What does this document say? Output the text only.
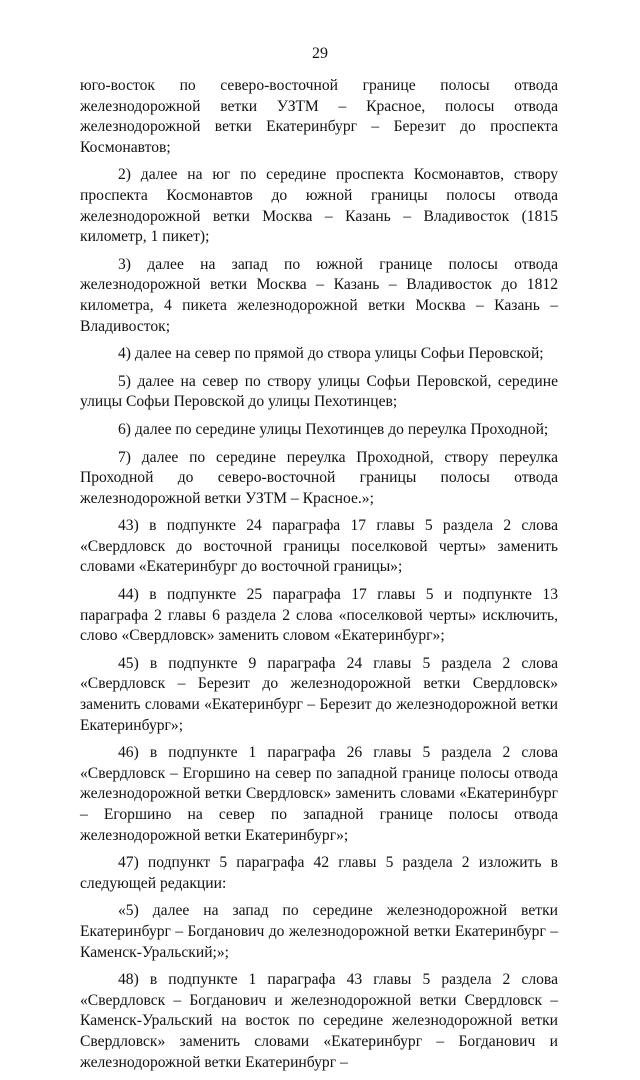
29

юго-восток по северо-восточной границе полосы отвода железнодорожной ветки УЗТМ – Красное, полосы отвода железнодорожной ветки Екатеринбург – Березит до проспекта Космонавтов;

2) далее на юг по середине проспекта Космонавтов, створу проспекта Космонавтов до южной границы полосы отвода железнодорожной ветки Москва – Казань – Владивосток (1815 километр, 1 пикет);

3) далее на запад по южной границе полосы отвода железнодорожной ветки Москва – Казань – Владивосток до 1812 километра, 4 пикета железнодорожной ветки Москва – Казань – Владивосток;

4) далее на север по прямой до створа улицы Софьи Перовской;

5) далее на север по створу улицы Софьи Перовской, середине улицы Софьи Перовской до улицы Пехотинцев;

6) далее по середине улицы Пехотинцев до переулка Проходной;

7) далее по середине переулка Проходной, створу переулка Проходной до северо-восточной границы полосы отвода железнодорожной ветки УЗТМ – Красное.»;

43) в подпункте 24 параграфа 17 главы 5 раздела 2 слова «Свердловск до восточной границы поселковой черты» заменить словами «Екатеринбург до восточной границы»;

44) в подпункте 25 параграфа 17 главы 5 и подпункте 13 параграфа 2 главы 6 раздела 2 слова «поселковой черты» исключить, слово «Свердловск» заменить словом «Екатеринбург»;

45) в подпункте 9 параграфа 24 главы 5 раздела 2 слова «Свердловск – Березит до железнодорожной ветки Свердловск» заменить словами «Екатеринбург – Березит до железнодорожной ветки Екатеринбург»;

46) в подпункте 1 параграфа 26 главы 5 раздела 2 слова «Свердловск – Егоршино на север по западной границе полосы отвода железнодорожной ветки Свердловск» заменить словами «Екатеринбург – Егоршино на север по западной границе полосы отвода железнодорожной ветки Екатеринбург»;

47) подпункт 5 параграфа 42 главы 5 раздела 2 изложить в следующей редакции:

«5) далее на запад по середине железнодорожной ветки Екатеринбург – Богданович до железнодорожной ветки Екатеринбург – Каменск-Уральский;»;

48) в подпункте 1 параграфа 43 главы 5 раздела 2 слова «Свердловск – Богданович и железнодорожной ветки Свердловск – Каменск-Уральский на восток по середине железнодорожной ветки Свердловск» заменить словами «Екатеринбург – Богданович и железнодорожной ветки Екатеринбург –
